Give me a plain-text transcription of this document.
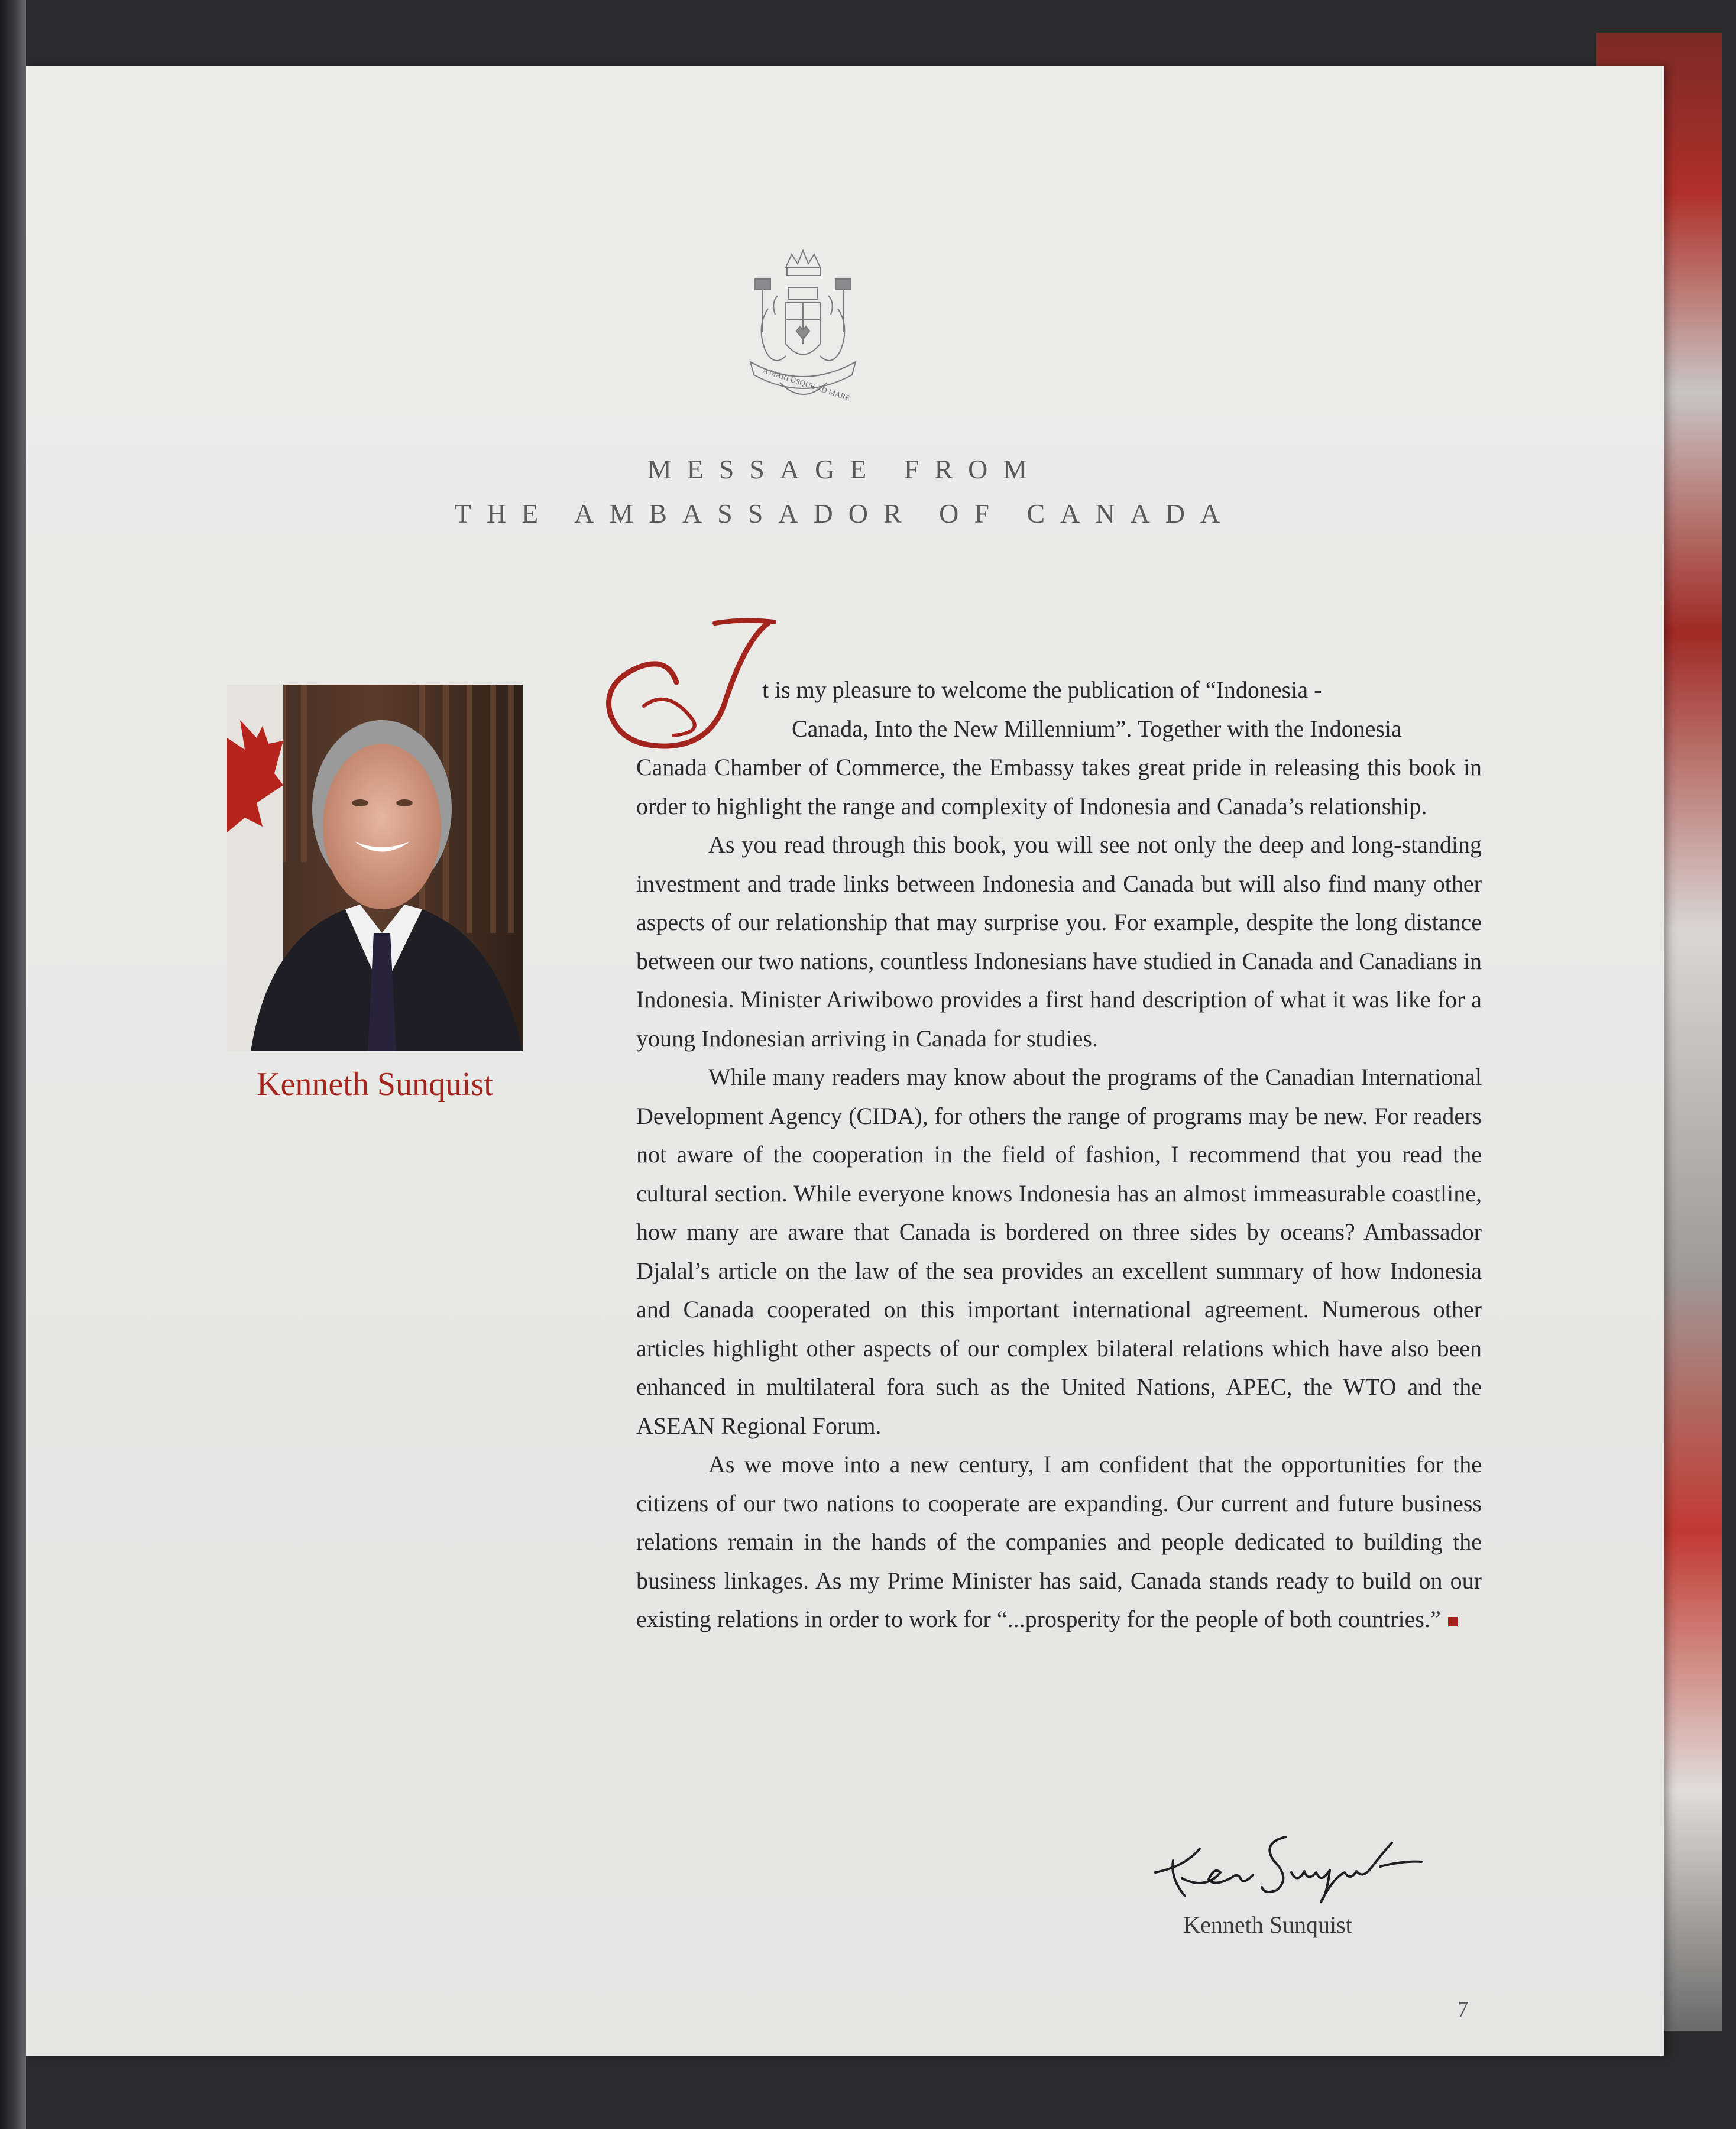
A MARI USQUE AD MARE
MESSAGE FROM
THE AMBASSADOR OF CANADA

Kenneth Sunquist

t is my pleasure to welcome the publication of “Indonesia -
Canada, Into the New Millennium”. Together with the Indonesia
Canada Chamber of Commerce, the Embassy takes great pride in releasing this book in order to highlight the range and complexity of Indonesia and Canada’s relationship.

As you read through this book, you will see not only the deep and long-standing investment and trade links between Indonesia and Canada but will also find many other aspects of our relationship that may surprise you. For example, despite the long distance between our two nations, countless Indonesians have studied in Canada and Canadians in Indonesia. Minister Ariwibowo provides a first hand description of what it was like for a young Indonesian arriving in Canada for studies.

While many readers may know about the programs of the Canadian International Development Agency (CIDA), for others the range of programs may be new. For readers not aware of the cooperation in the field of fashion, I recommend that you read the cultural section. While everyone knows Indonesia has an almost immeasurable coastline, how many are aware that Canada is bordered on three sides by oceans? Ambassador Djalal’s article on the law of the sea provides an excellent summary of how Indonesia and Canada cooperated on this important international agreement. Numerous other articles highlight other aspects of our complex bilateral relations which have also been enhanced in multilateral fora such as the United Nations, APEC, the WTO and the ASEAN Regional Forum.

As we move into a new century, I am confident that the opportunities for the citizens of our two nations to cooperate are expanding. Our current and future business relations remain in the hands of the companies and people dedicated to building the business linkages. As my Prime Minister has said, Canada stands ready to build on our existing relations in order to work for “...prosperity for the people of both countries.”

Kenneth Sunquist

7
